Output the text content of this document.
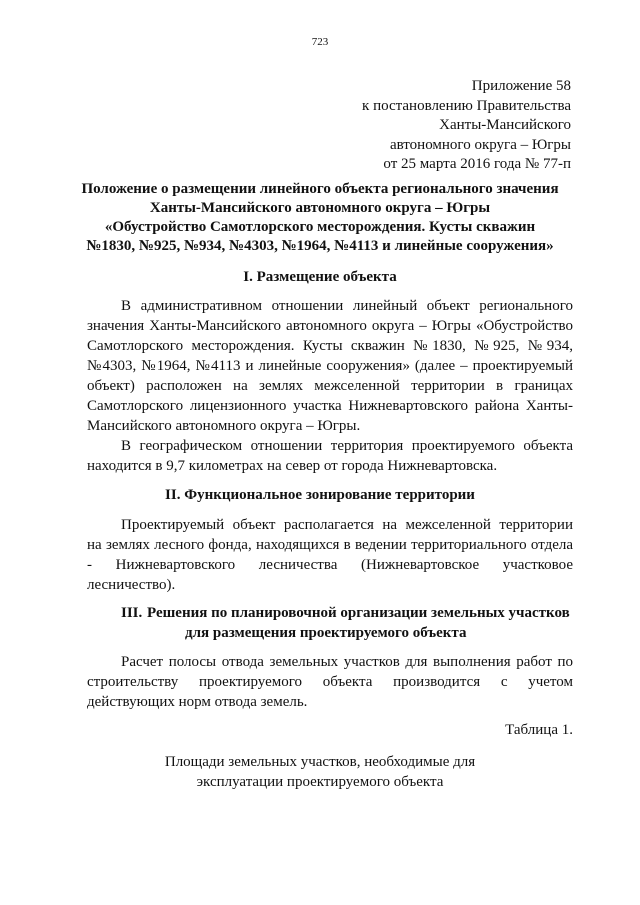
723
Приложение 58
к постановлению Правительства
Ханты-Мансийского
автономного округа – Югры
от 25 марта 2016 года № 77-п
Положение о размещении линейного объекта регионального значения
Ханты-Мансийского автономного округа – Югры
«Обустройство Самотлорского месторождения. Кусты скважин
№1830, №925, №934, №4303, №1964, №4113 и линейные сооружения»
I. Размещение объекта
В административном отношении линейный объект регионального
значения Ханты-Мансийского автономного округа – Югры «Обустройство
Самотлорского месторождения. Кусты скважин №1830, №925, №934,
№4303, №1964, №4113 и линейные сооружения» (далее – проектируемый
объект) расположен на землях межселенной территории в границах
Самотлорского лицензионного участка Нижневартовского района Ханты-
Мансийского автономного округа – Югры.
В географическом отношении территория проектируемого объекта
находится в 9,7 километрах на север от города Нижневартовска.
II. Функциональное зонирование территории
Проектируемый объект располагается на межселенной территории
на землях лесного фонда, находящихся в ведении территориального отдела
- Нижневартовского лесничества (Нижневартовское участковое
лесничество).
III. Решения по планировочной организации земельных участков
для размещения проектируемого объекта
Расчет полосы отвода земельных участков для выполнения работ по
строительству проектируемого объекта производится с учетом
действующих норм отвода земель.
Таблица 1.
Площади земельных участков, необходимые для
эксплуатации проектируемого объекта
